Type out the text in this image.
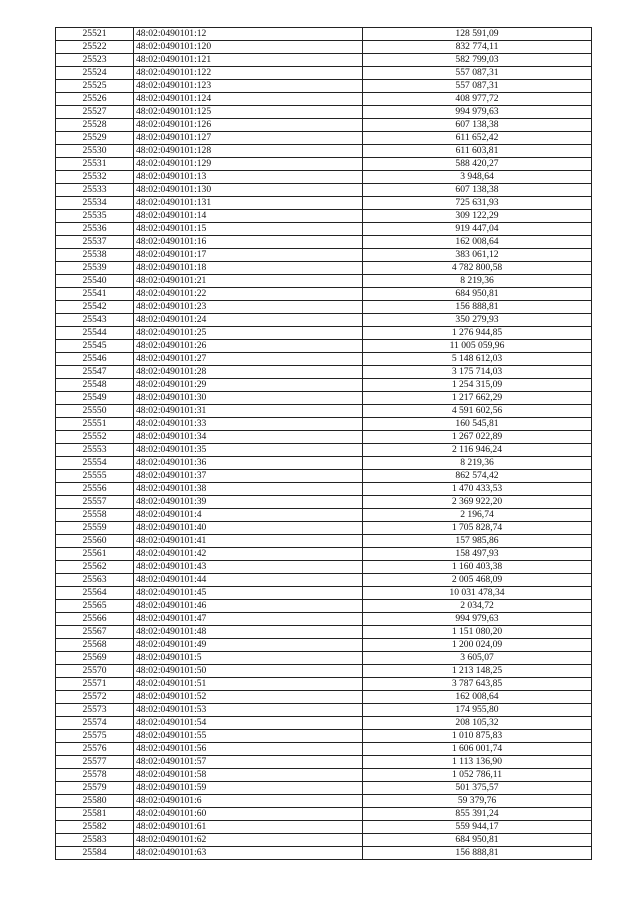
25521	48:02:0490101:12	128 591,09
25522	48:02:0490101:120	832 774,11
25523	48:02:0490101:121	582 799,03
25524	48:02:0490101:122	557 087,31
25525	48:02:0490101:123	557 087,31
25526	48:02:0490101:124	408 977,72
25527	48:02:0490101:125	994 979,63
25528	48:02:0490101:126	607 138,38
25529	48:02:0490101:127	611 652,42
25530	48:02:0490101:128	611 603,81
25531	48:02:0490101:129	588 420,27
25532	48:02:0490101:13	3 948,64
25533	48:02:0490101:130	607 138,38
25534	48:02:0490101:131	725 631,93
25535	48:02:0490101:14	309 122,29
25536	48:02:0490101:15	919 447,04
25537	48:02:0490101:16	162 008,64
25538	48:02:0490101:17	383 061,12
25539	48:02:0490101:18	4 782 800,58
25540	48:02:0490101:21	8 219,36
25541	48:02:0490101:22	684 950,81
25542	48:02:0490101:23	156 888,81
25543	48:02:0490101:24	350 279,93
25544	48:02:0490101:25	1 276 944,85
25545	48:02:0490101:26	11 005 059,96
25546	48:02:0490101:27	5 148 612,03
25547	48:02:0490101:28	3 175 714,03
25548	48:02:0490101:29	1 254 315,09
25549	48:02:0490101:30	1 217 662,29
25550	48:02:0490101:31	4 591 602,56
25551	48:02:0490101:33	160 545,81
25552	48:02:0490101:34	1 267 022,89
25553	48:02:0490101:35	2 116 946,24
25554	48:02:0490101:36	8 219,36
25555	48:02:0490101:37	862 574,42
25556	48:02:0490101:38	1 470 433,53
25557	48:02:0490101:39	2 369 922,20
25558	48:02:0490101:4	2 196,74
25559	48:02:0490101:40	1 705 828,74
25560	48:02:0490101:41	157 985,86
25561	48:02:0490101:42	158 497,93
25562	48:02:0490101:43	1 160 403,38
25563	48:02:0490101:44	2 005 468,09
25564	48:02:0490101:45	10 031 478,34
25565	48:02:0490101:46	2 034,72
25566	48:02:0490101:47	994 979,63
25567	48:02:0490101:48	1 151 080,20
25568	48:02:0490101:49	1 200 024,09
25569	48:02:0490101:5	3 605,07
25570	48:02:0490101:50	1 213 148,25
25571	48:02:0490101:51	3 787 643,85
25572	48:02:0490101:52	162 008,64
25573	48:02:0490101:53	174 955,80
25574	48:02:0490101:54	208 105,32
25575	48:02:0490101:55	1 010 875,83
25576	48:02:0490101:56	1 606 001,74
25577	48:02:0490101:57	1 113 136,90
25578	48:02:0490101:58	1 052 786,11
25579	48:02:0490101:59	501 375,57
25580	48:02:0490101:6	59 379,76
25581	48:02:0490101:60	855 391,24
25582	48:02:0490101:61	559 944,17
25583	48:02:0490101:62	684 950,81
25584	48:02:0490101:63	156 888,81
